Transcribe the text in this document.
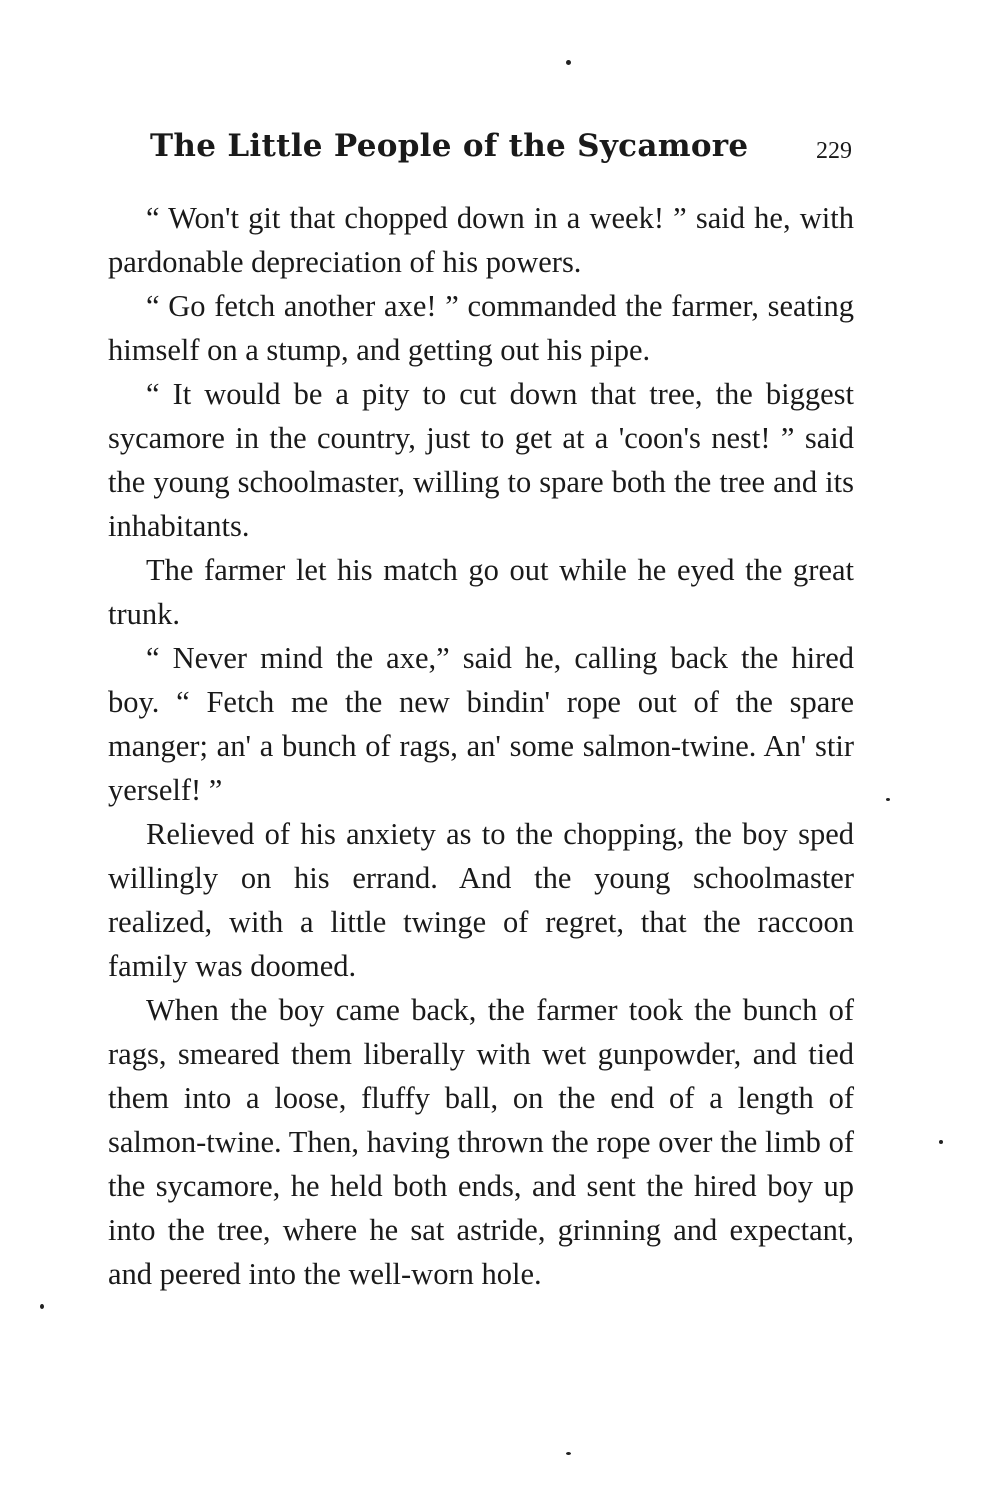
The Little People of the Sycamore	229

“ Won't git that chopped down in a week! ” said he, with pardonable depreciation of his powers.

“ Go fetch another axe! ” commanded the farmer, seating himself on a stump, and getting out his pipe.

“ It would be a pity to cut down that tree, the biggest sycamore in the country, just to get at a 'coon's nest! ” said the young schoolmaster, willing to spare both the tree and its inhabitants.

The farmer let his match go out while he eyed the great trunk.

“ Never mind the axe,” said he, calling back the hired boy. “ Fetch me the new bindin' rope out of the spare manger; an' a bunch of rags, an' some salmon-twine. An' stir yerself! ”

Relieved of his anxiety as to the chopping, the boy sped willingly on his errand. And the young schoolmaster realized, with a little twinge of regret, that the raccoon family was doomed.

When the boy came back, the farmer took the bunch of rags, smeared them liberally with wet gunpowder, and tied them into a loose, fluffy ball, on the end of a length of salmon-twine. Then, having thrown the rope over the limb of the sycamore, he held both ends, and sent the hired boy up into the tree, where he sat astride, grinning and expectant, and peered into the well-worn hole.
